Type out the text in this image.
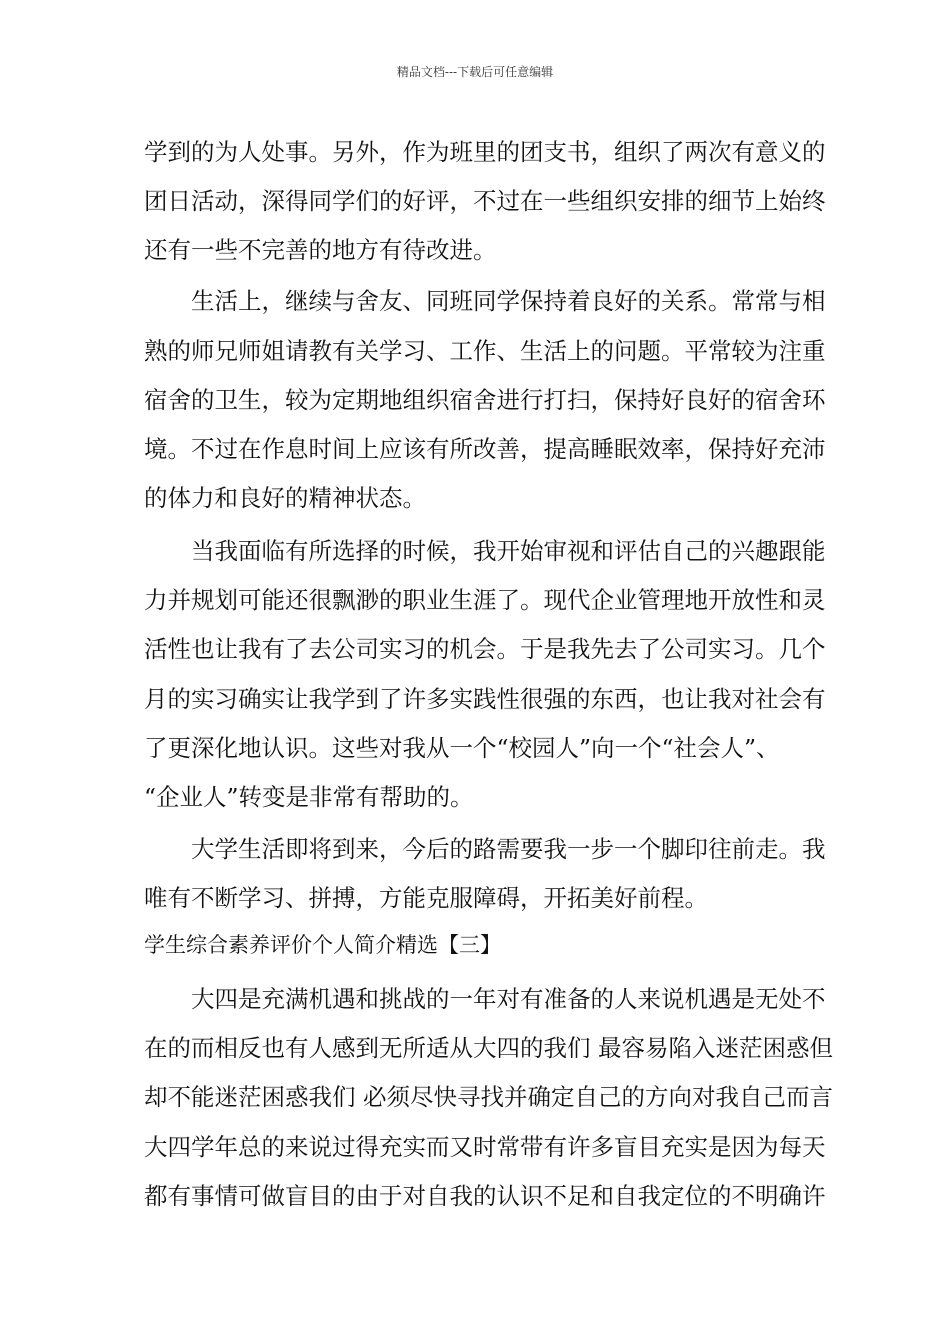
精品文档---下载后可任意编辑
学到的为人处事。另外，作为班里的团支书，组织了两次有意义的
团日活动，深得同学们的好评，不过在一些组织安排的细节上始终
还有一些不完善的地方有待改进。
生活上，继续与舍友、同班同学保持着良好的关系。常常与相
熟的师兄师姐请教有关学习、工作、生活上的问题。平常较为注重
宿舍的卫生，较为定期地组织宿舍进行打扫，保持好良好的宿舍环
境。不过在作息时间上应该有所改善，提高睡眠效率，保持好充沛
的体力和良好的精神状态。
当我面临有所选择的时候，我开始审视和评估自己的兴趣跟能
力并规划可能还很飘渺的职业生涯了。现代企业管理地开放性和灵
活性也让我有了去公司实习的机会。于是我先去了公司实习。几个
月的实习确实让我学到了许多实践性很强的东西，也让我对社会有
了更深化地认识。这些对我从一个“校园人”向一个“社会人”、
“企业人”转变是非常有帮助的。
大学生活即将到来，今后的路需要我一步一个脚印往前走。我
唯有不断学习、拼搏，方能克服障碍，开拓美好前程。
学生综合素养评价个人简介精选【三】
大四是充满机遇和挑战的一年对有准备的人来说机遇是无处不
在的而相反也有人感到无所适从大四的我们 最容易陷入迷茫困惑但
却不能迷茫困惑我们 必须尽快寻找并确定自己的方向对我自己而言
大四学年总的来说过得充实而又时常带有许多盲目充实是因为每天
都有事情可做盲目的由于对自我的认识不足和自我定位的不明确许
